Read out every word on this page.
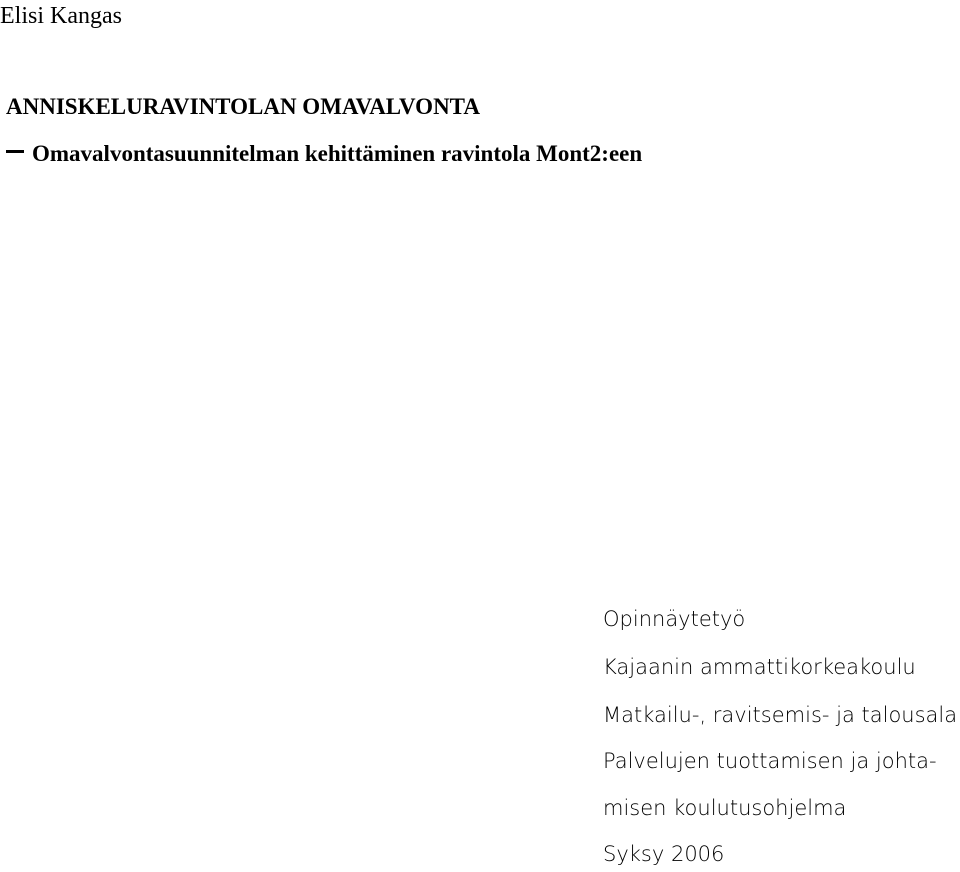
Elisi Kangas
ANNISKELURAVINTOLAN OMAVALVONTA
Omavalvontasuunnitelman kehittäminen ravintola Mont2:een
Opinnäytetyö
Kajaanin ammattikorkeakoulu
Matkailu-, ravitsemis- ja talousala
Palvelujen tuottamisen ja johta-
misen koulutusohjelma
Syksy 2006
